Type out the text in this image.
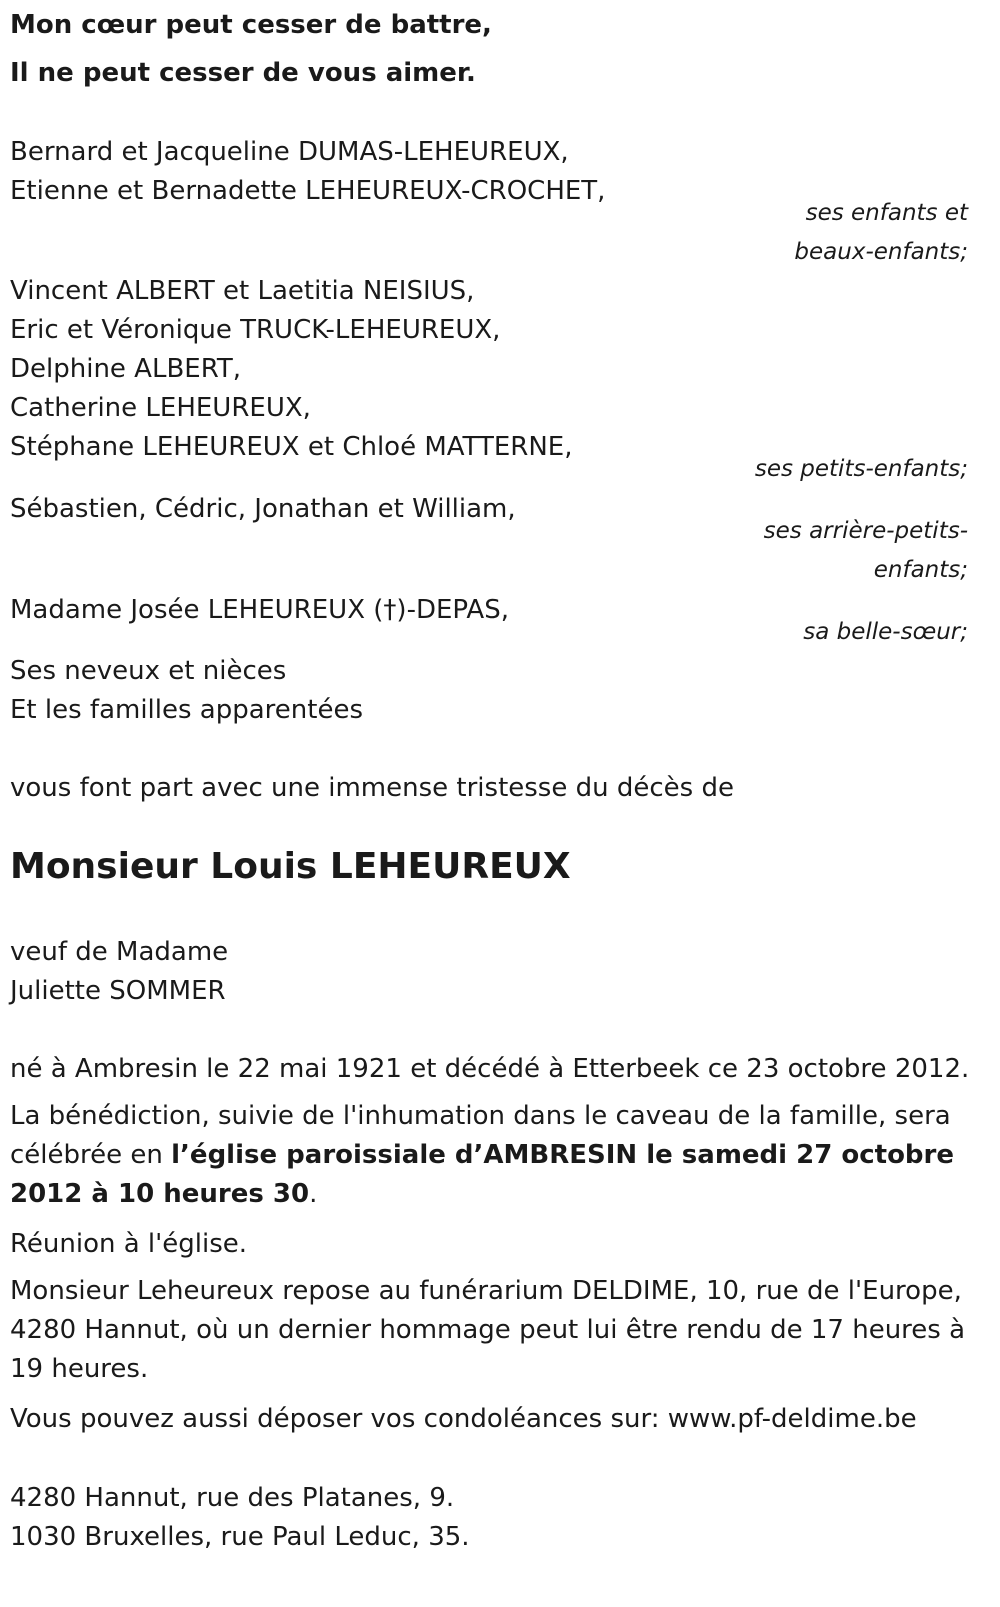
Mon cœur peut cesser de battre,
Il ne peut cesser de vous aimer.
Bernard et Jacqueline DUMAS-LEHEUREUX,
Etienne et Bernadette LEHEUREUX-CROCHET,
ses enfants et
beaux-enfants;
Vincent ALBERT et Laetitia NEISIUS,
Eric et Véronique TRUCK-LEHEUREUX,
Delphine ALBERT,
Catherine LEHEUREUX,
Stéphane LEHEUREUX et Chloé MATTERNE,
ses petits-enfants;
Sébastien, Cédric, Jonathan et William,
ses arrière-petits-
enfants;
Madame Josée LEHEUREUX (†)-DEPAS,
sa belle-sœur;
Ses neveux et nièces
Et les familles apparentées
vous font part avec une immense tristesse du décès de
Monsieur Louis LEHEUREUX
veuf de Madame
Juliette SOMMER
né à Ambresin le 22 mai 1921 et décédé à Etterbeek ce 23 octobre 2012.
La bénédiction, suivie de l'inhumation dans le caveau de la famille, sera célébrée en l’église paroissiale d’AMBRESIN le samedi 27 octobre 2012 à 10 heures 30.
Réunion à l'église.
Monsieur Leheureux repose au funérarium DELDIME, 10, rue de l'Europe, 4280 Hannut, où un dernier hommage peut lui être rendu de 17 heures à 19 heures.
Vous pouvez aussi déposer vos condoléances sur: www.pf-deldime.be
4280 Hannut, rue des Platanes, 9.
1030 Bruxelles, rue Paul Leduc, 35.
